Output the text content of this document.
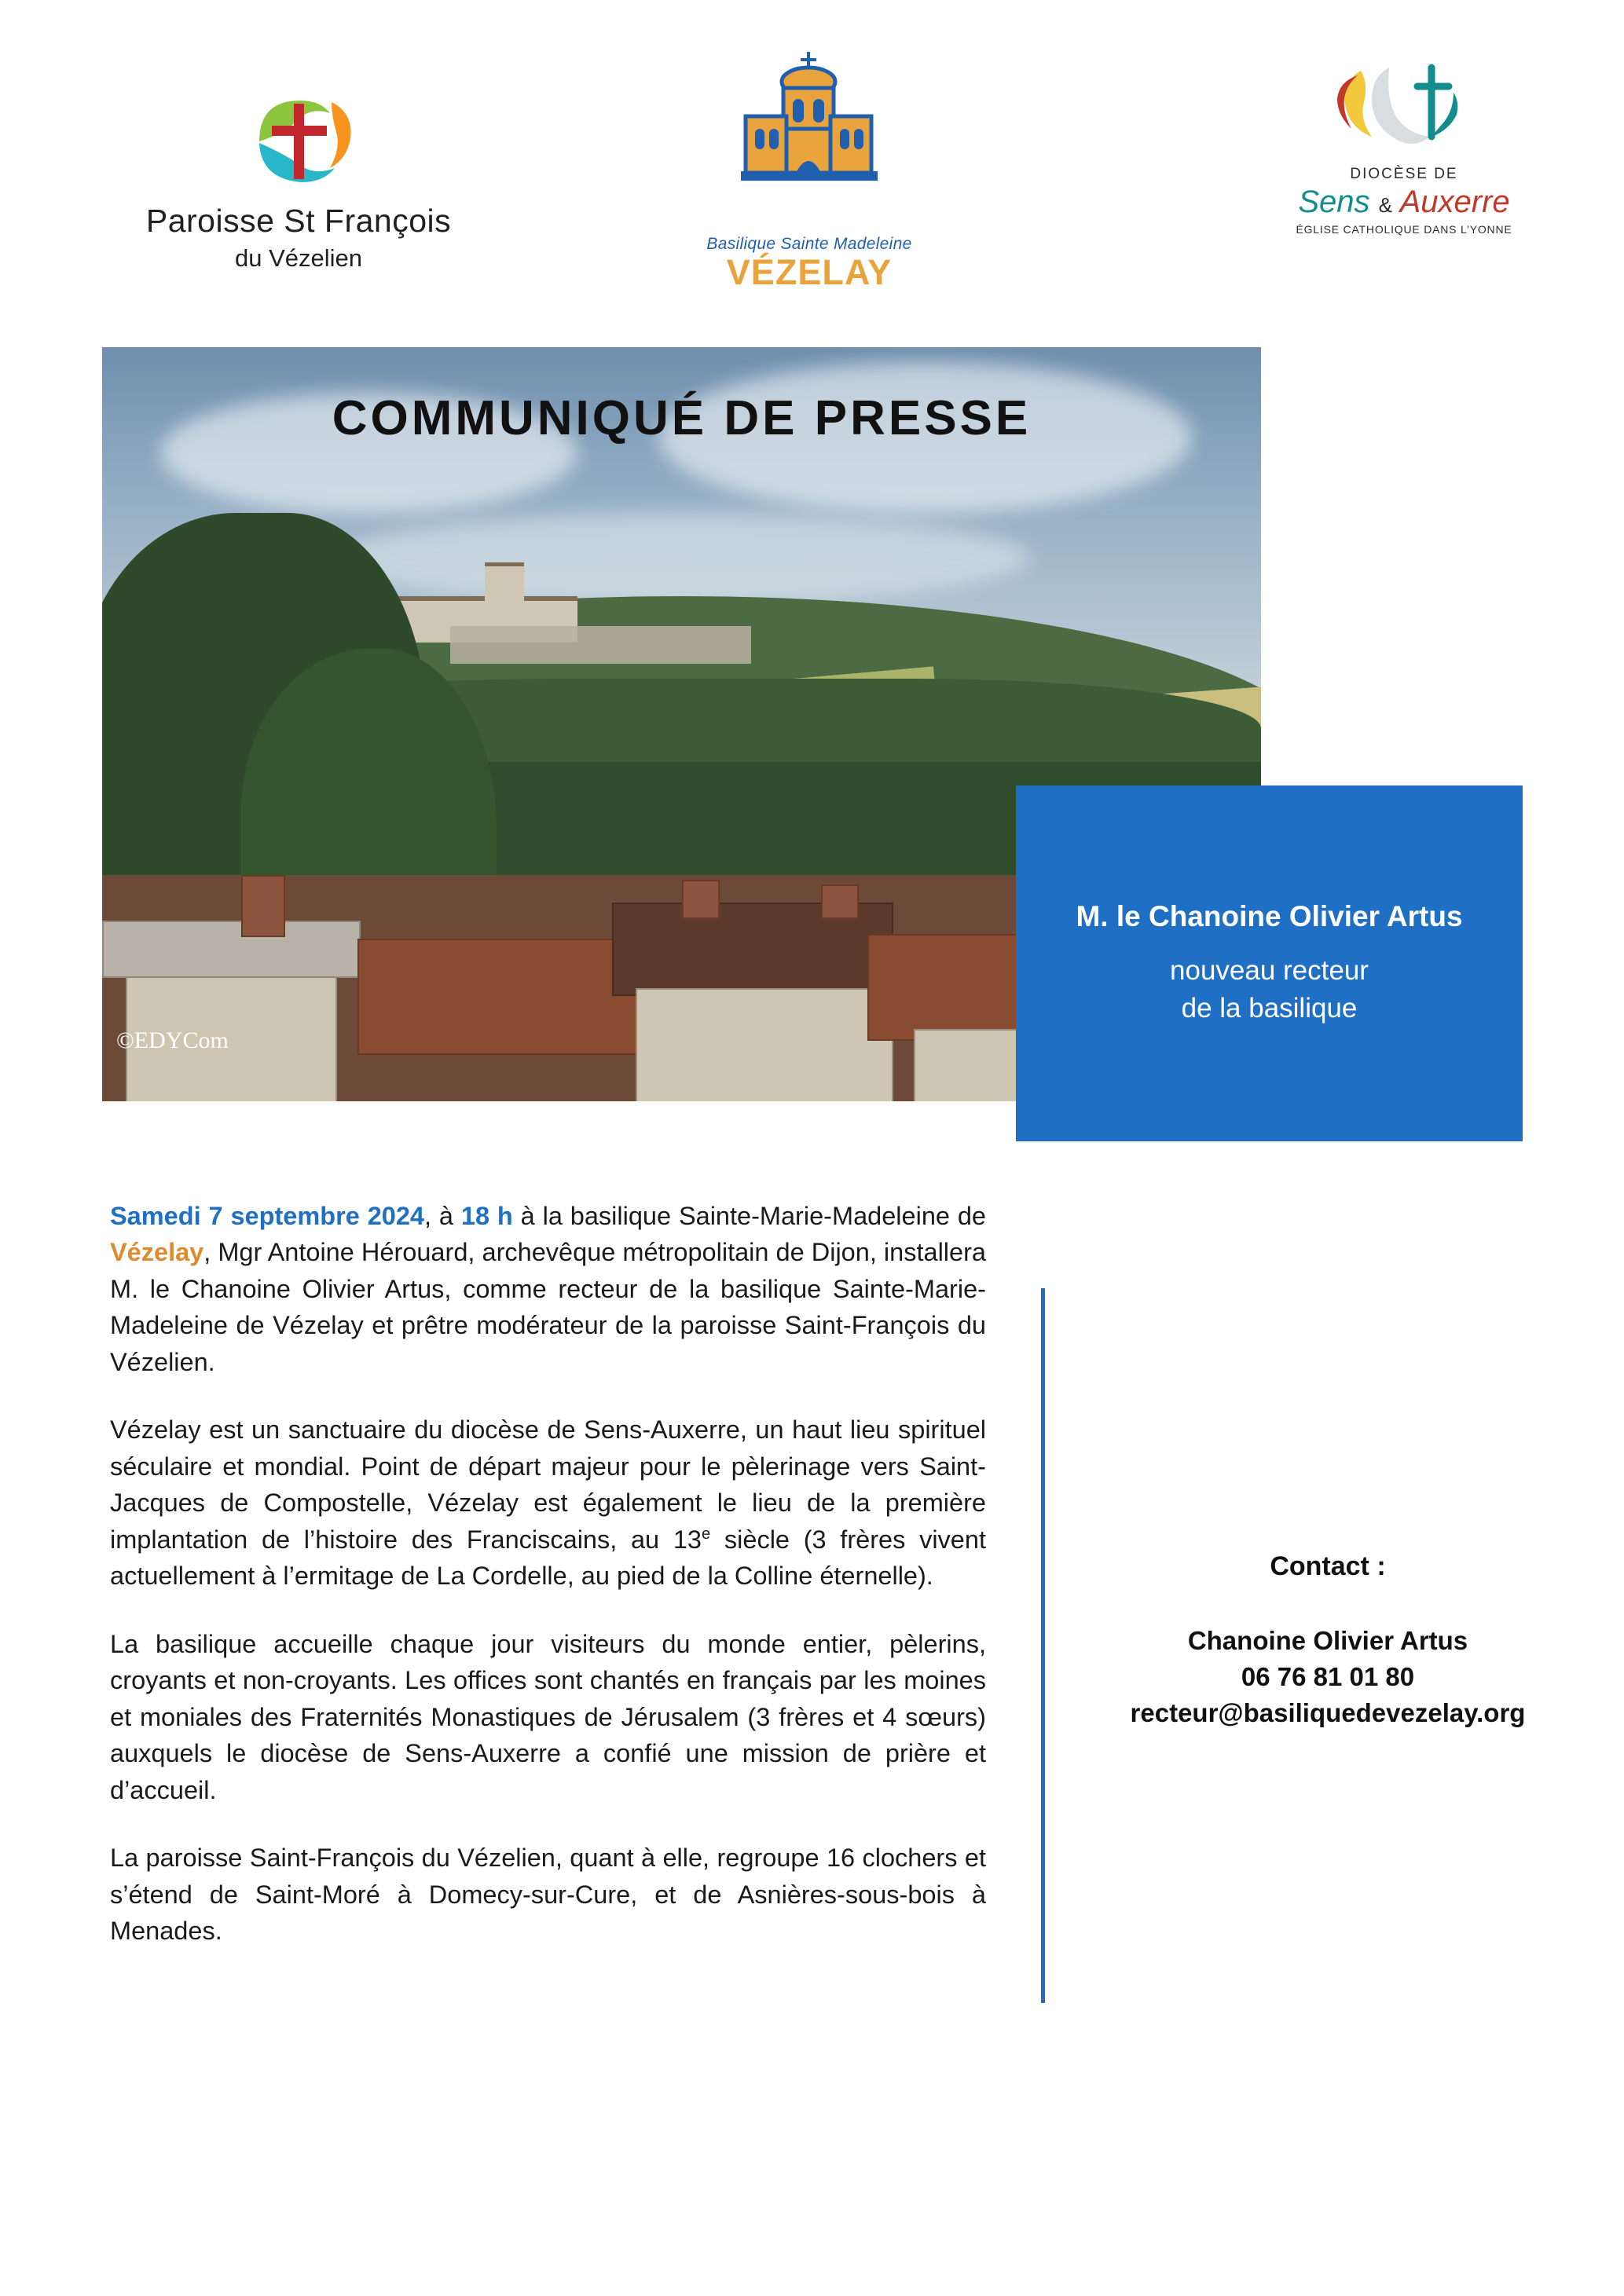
Paroisse St François
du Vézelien
Basilique Sainte Madeleine
VÉZELAY
DIOCÈSE DE
Sens & Auxerre
ÉGLISE CATHOLIQUE DANS L’YONNE
COMMUNIQUÉ DE PRESSE
©EDYCom
M. le Chanoine Olivier Artus
nouveau recteur
de la basilique

Samedi 7 septembre 2024, à 18 h à la basilique Sainte-Marie-Madeleine de Vézelay, Mgr Antoine Hérouard, archevêque métropolitain de Dijon, installera M. le Chanoine Olivier Artus, comme recteur de la basilique Sainte-Marie-Madeleine de Vézelay et prêtre modérateur de la paroisse Saint-François du Vézelien.

Vézelay est un sanctuaire du diocèse de Sens-Auxerre, un haut lieu spirituel séculaire et mondial. Point de départ majeur pour le pèlerinage vers Saint-Jacques de Compostelle, Vézelay est également le lieu de la première implantation de l’histoire des Franciscains, au 13e siècle (3 frères vivent actuellement à l’ermitage de La Cordelle, au pied de la Colline éternelle).

La basilique accueille chaque jour visiteurs du monde entier, pèlerins, croyants et non-croyants. Les offices sont chantés en français par les moines et moniales des Fraternités Monastiques de Jérusalem (3 frères et 4 sœurs) auxquels le diocèse de Sens-Auxerre a confié une mission de prière et d’accueil.

La paroisse Saint-François du Vézelien, quant à elle, regroupe 16 clochers et s’étend de Saint-Moré à Domecy-sur-Cure, et de Asnières-sous-bois à Menades.

Contact :
Chanoine Olivier Artus
06 76 81 01 80
recteur@basiliquedevezelay.org
